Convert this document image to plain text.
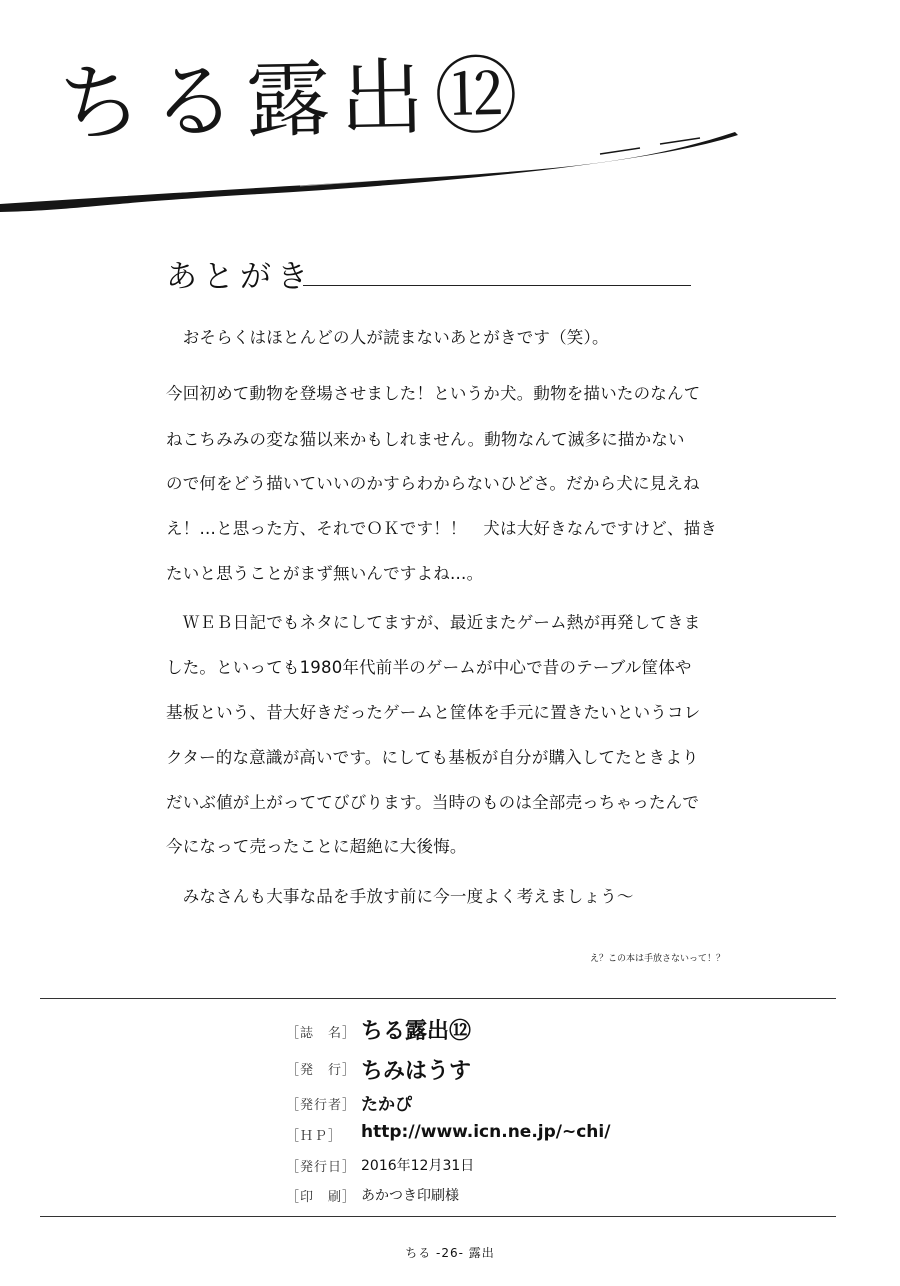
ちる露出⑫
あとがき
　おそらくはほとんどの人が読まないあとがきです（笑）。
今回初めて動物を登場させました！というか犬。動物を描いたのなんて
ねこちみみの変な猫以来かもしれません。動物なんて滅多に描かない
ので何をどう描いていいのかすらわからないひどさ。だから犬に見えね
え！…と思った方、それでＯＫです！！　犬は大好きなんですけど、描き
たいと思うことがまず無いんですよね…。
　ＷＥＢ日記でもネタにしてますが、最近またゲーム熱が再発してきま
した。といっても1980年代前半のゲームが中心で昔のテーブル筐体や
基板という、昔大好きだったゲームと筐体を手元に置きたいというコレ
クター的な意識が高いです。にしても基板が自分が購入してたときより
だいぶ値が上がっててびびります。当時のものは全部売っちゃったんで
今になって売ったことに超絶に大後悔。
　みなさんも大事な品を手放す前に今一度よく考えましょう～
え？この本は手放さないって！？
［誌　名］ ちる露出⑫
［発　行］ ちみはうす
［発行者］ たかぴ
［ＨＰ］	http://www.icn.ne.jp/~chi/
［発行日］ 2016年12月31日
［印　刷］ あかつき印刷様
ちる -26- 露出
